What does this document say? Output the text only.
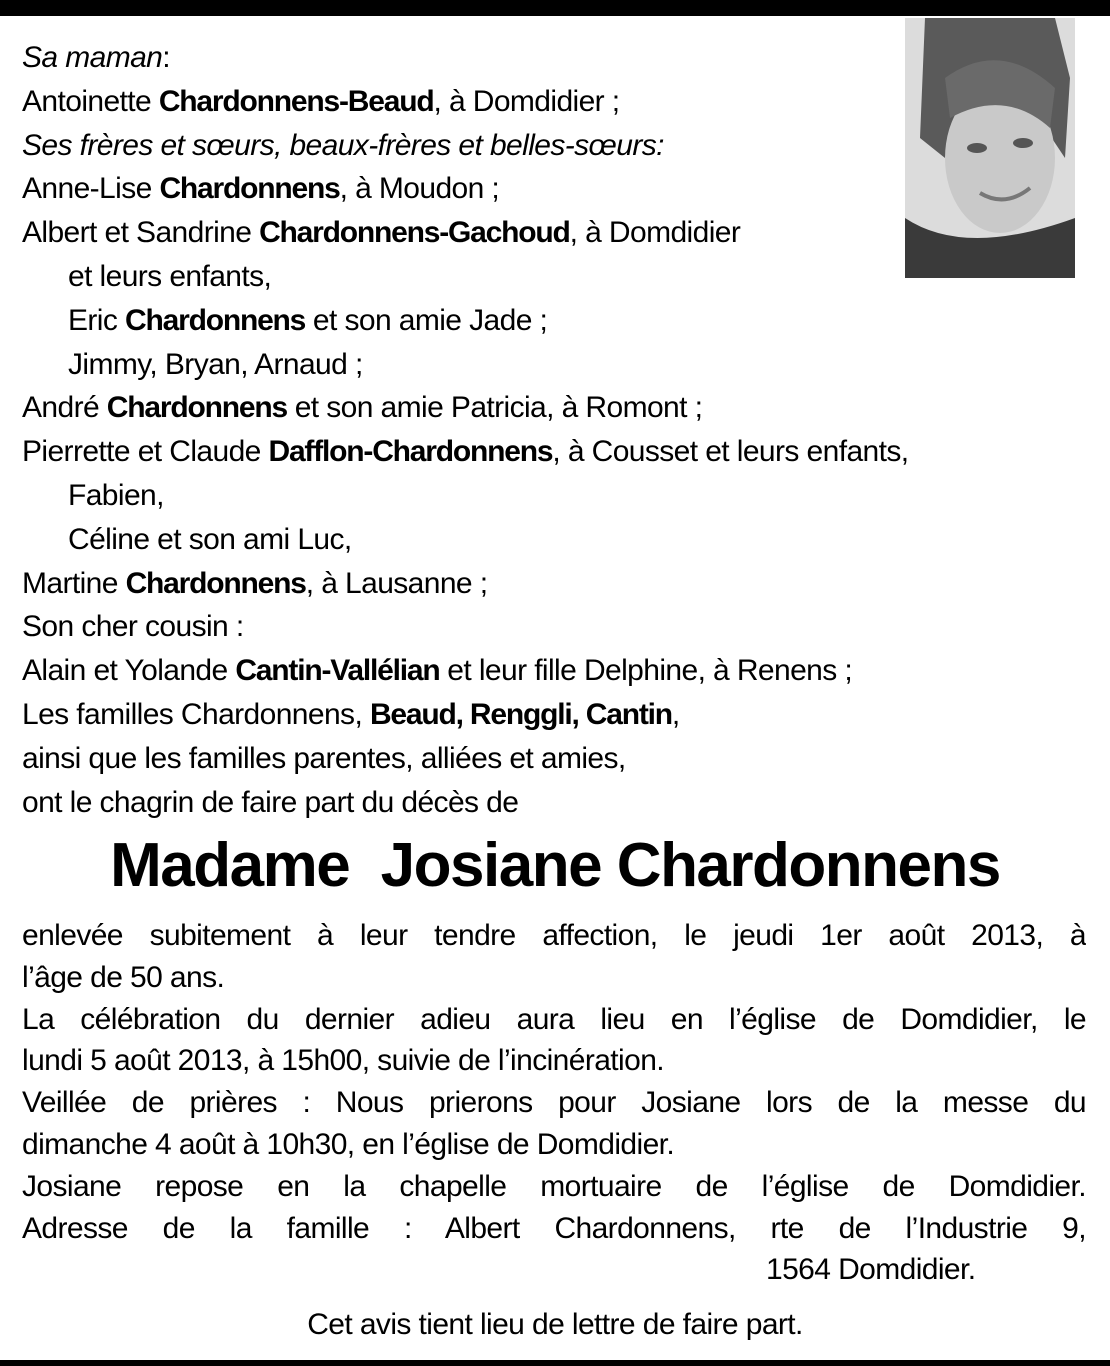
Sa maman:
Antoinette Chardonnens-Beaud, à Domdidier ;
Ses frères et sœurs, beaux-frères et belles-sœurs:
Anne-Lise Chardonnens, à Moudon ;
Albert et Sandrine Chardonnens-Gachoud, à Domdidier
et leurs enfants,
Eric Chardonnens et son amie Jade ;
Jimmy, Bryan, Arnaud ;
André Chardonnens et son amie Patricia, à Romont ;
Pierrette et Claude Dafflon-Chardonnens, à Cousset et leurs enfants,
Fabien,
Céline et son ami Luc,
Martine Chardonnens, à Lausanne ;
Son cher cousin :
Alain et Yolande Cantin-Vallélian et leur fille Delphine, à Renens ;
Les familles Chardonnens, Beaud, Renggli, Cantin,
ainsi que les familles parentes, alliées et amies,
ont le chagrin de faire part du décès de
Madame  Josiane Chardonnens
enlevée subitement à leur tendre affection, le jeudi 1er août 2013, à
l’âge de 50 ans.
La célébration du dernier adieu aura lieu en l’église de Domdidier, le
lundi 5 août 2013, à 15h00, suivie de l’incinération.
Veillée de prières : Nous prierons pour Josiane lors de la messe du
dimanche 4 août à 10h30, en l’église de Domdidier.
Josiane repose en la chapelle mortuaire de l’église de Domdidier.
Adresse de la famille : Albert Chardonnens, rte de l’Industrie 9,
1564 Domdidier.
Cet avis tient lieu de lettre de faire part.
